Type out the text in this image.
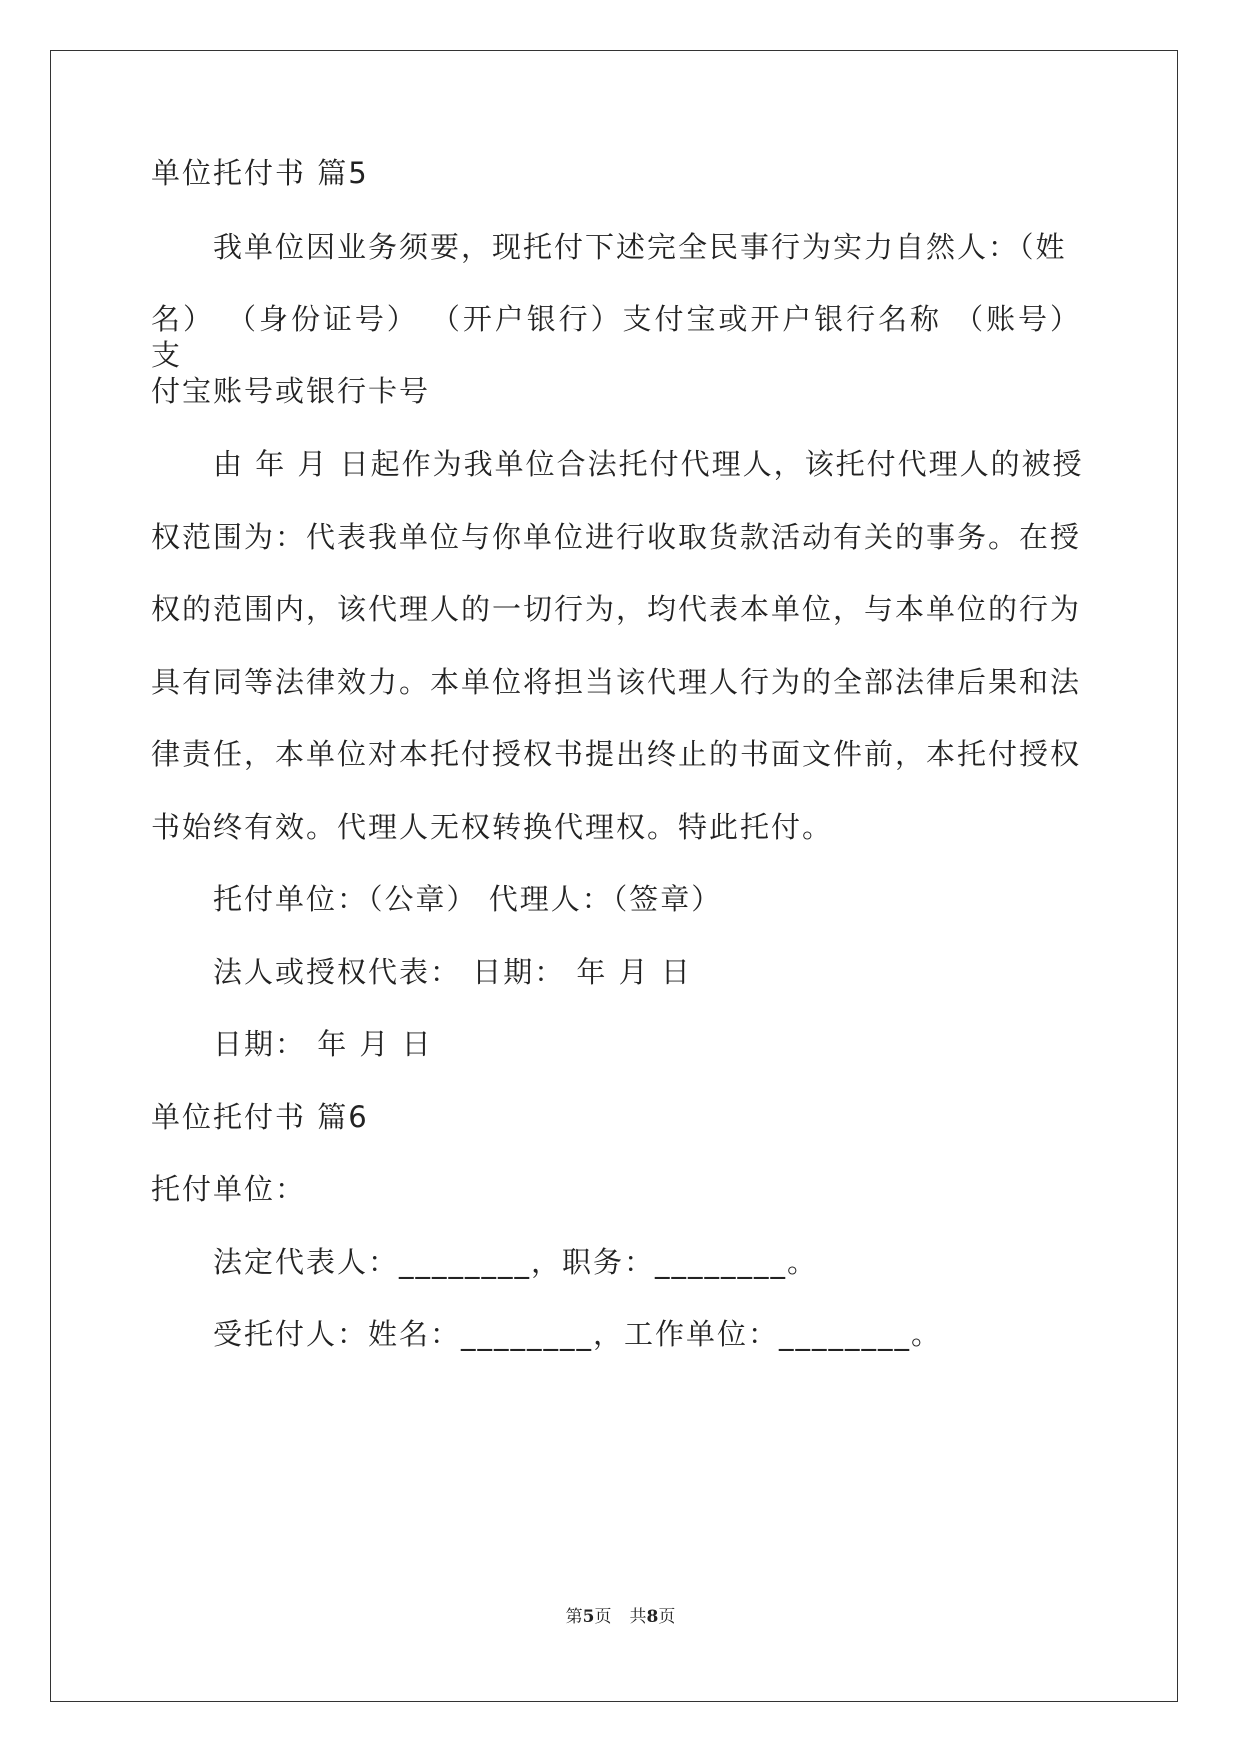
单位托付书 篇5
我单位因业务须要，现托付下述完全民事行为实力自然人：（姓
名） （身份证号） （开户银行）支付宝或开户银行名称 （账号）支
付宝账号或银行卡号
由 年 月 日起作为我单位合法托付代理人，该托付代理人的被授
权范围为：代表我单位与你单位进行收取货款活动有关的事务。在授
权的范围内，该代理人的一切行为，均代表本单位，与本单位的行为
具有同等法律效力。本单位将担当该代理人行为的全部法律后果和法
律责任，本单位对本托付授权书提出终止的书面文件前，本托付授权
书始终有效。代理人无权转换代理权。特此托付。
托付单位：（公章） 代理人：（签章）
法人或授权代表： 日期： 年 月 日
日期： 年 月 日
单位托付书 篇6
托付单位：
法定代表人：________，职务：________。
受托付人：姓名：________，工作单位：________。
第5页 共8页
